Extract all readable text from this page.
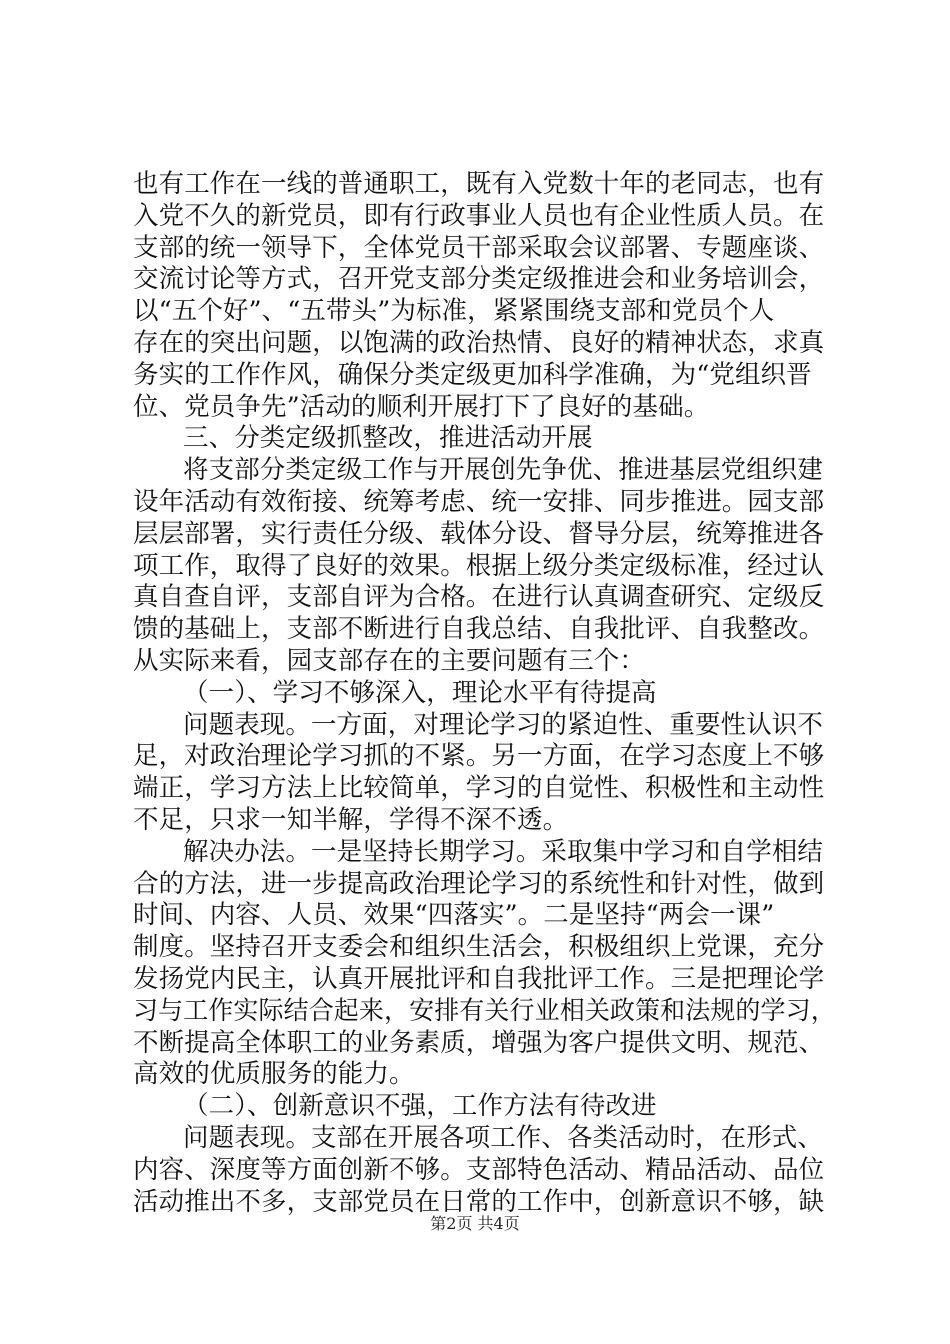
也有工作在一线的普通职工，既有入党数十年的老同志，也有
入党不久的新党员，即有行政事业人员也有企业性质人员。在
支部的统一领导下，全体党员干部采取会议部署、专题座谈、
交流讨论等方式，召开党支部分类定级推进会和业务培训会，
以“五个好”、“五带头”为标准，紧紧围绕支部和党员个人
存在的突出问题，以饱满的政治热情、良好的精神状态，求真
务实的工作作风，确保分类定级更加科学准确，为“党组织晋
位、党员争先”活动的顺利开展打下了良好的基础。
三、分类定级抓整改，推进活动开展
将支部分类定级工作与开展创先争优、推进基层党组织建
设年活动有效衔接、统筹考虑、统一安排、同步推进。园支部
层层部署，实行责任分级、载体分设、督导分层，统筹推进各
项工作，取得了良好的效果。根据上级分类定级标准，经过认
真自查自评，支部自评为合格。在进行认真调查研究、定级反
馈的基础上，支部不断进行自我总结、自我批评、自我整改。
从实际来看，园支部存在的主要问题有三个：
（一）、学习不够深入，理论水平有待提高
问题表现。一方面，对理论学习的紧迫性、重要性认识不
足，对政治理论学习抓的不紧。另一方面，在学习态度上不够
端正，学习方法上比较简单，学习的自觉性、积极性和主动性
不足，只求一知半解，学得不深不透。
解决办法。一是坚持长期学习。采取集中学习和自学相结
合的方法，进一步提高政治理论学习的系统性和针对性，做到
时间、内容、人员、效果“四落实”。二是坚持“两会一课”
制度。坚持召开支委会和组织生活会，积极组织上党课，充分
发扬党内民主，认真开展批评和自我批评工作。三是把理论学
习与工作实际结合起来，安排有关行业相关政策和法规的学习，
不断提高全体职工的业务素质，增强为客户提供文明、规范、
高效的优质服务的能力。
（二）、创新意识不强，工作方法有待改进
问题表现。支部在开展各项工作、各类活动时，在形式、
内容、深度等方面创新不够。支部特色活动、精品活动、品位
活动推出不多，支部党员在日常的工作中，创新意识不够，缺
第2页 共4页
